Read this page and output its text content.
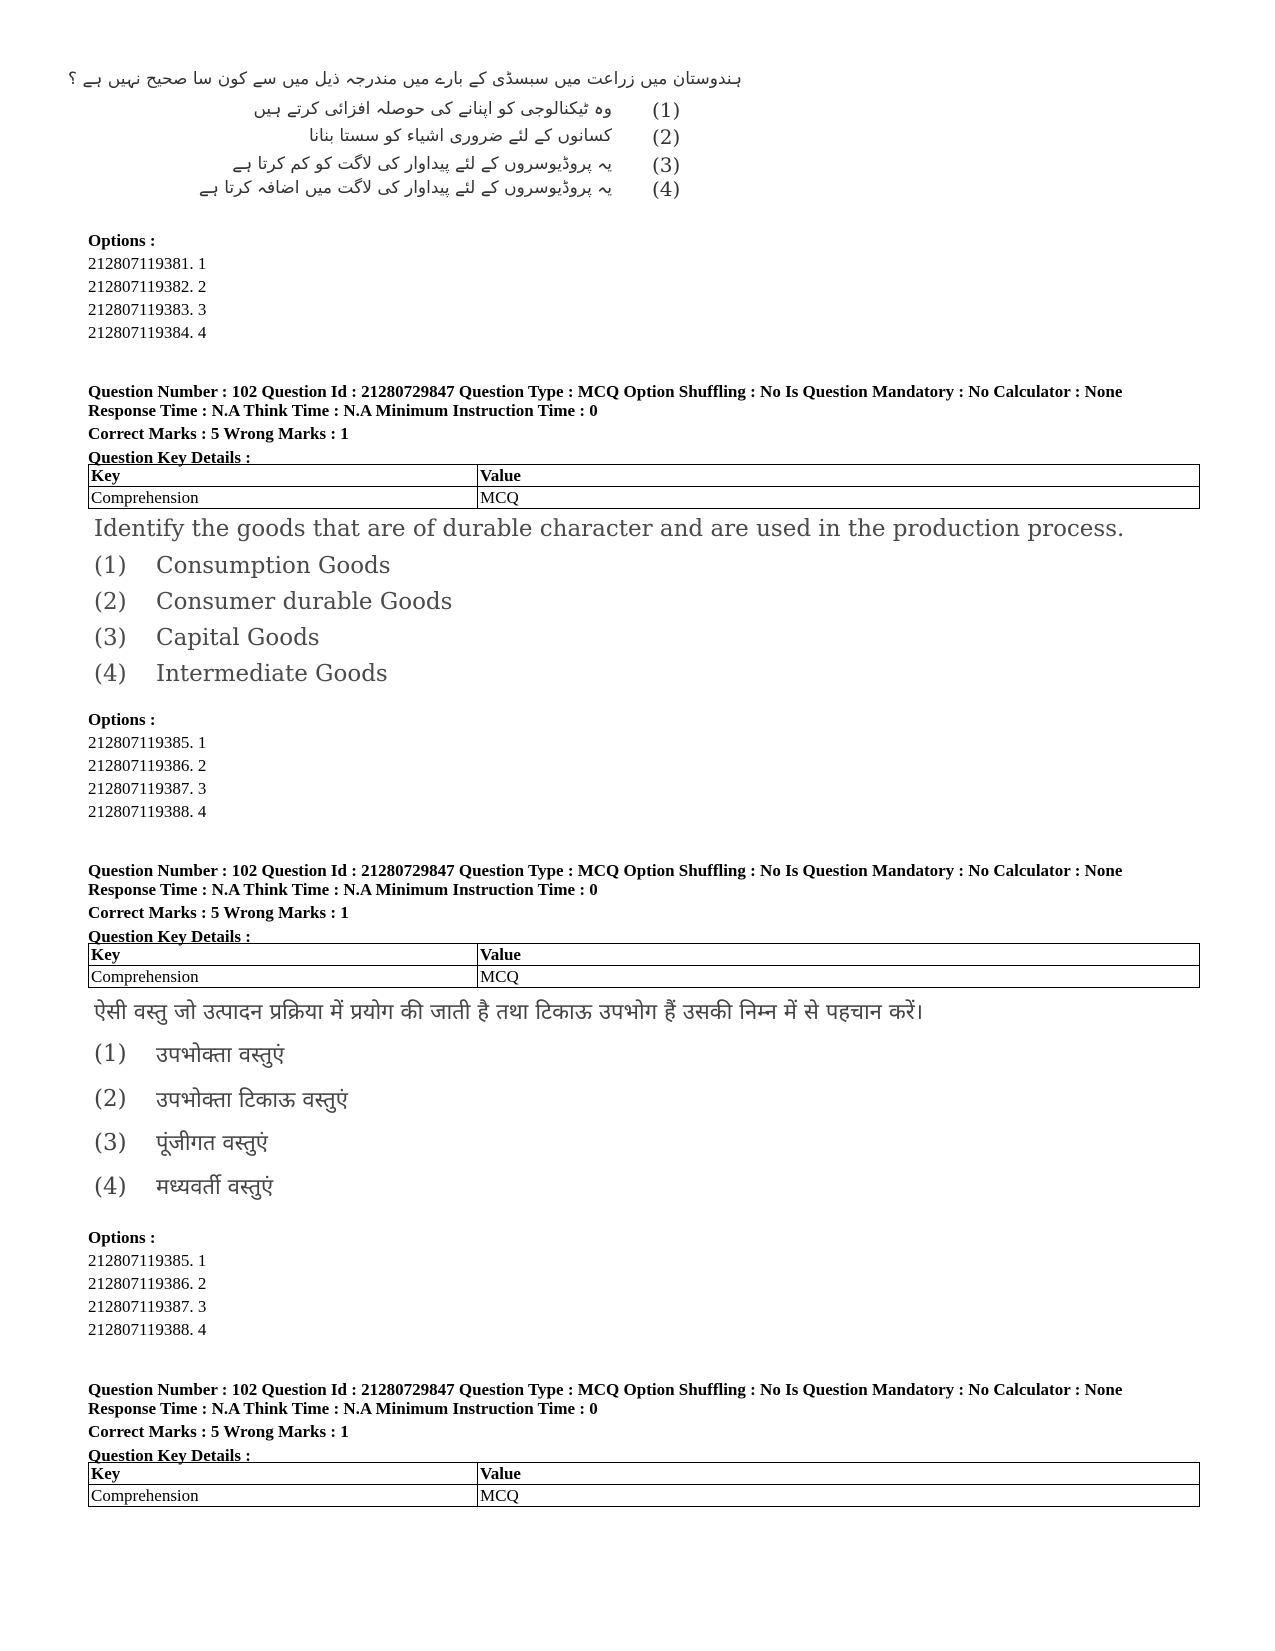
ہندوستان میں زراعت میں سبسڈی کے بارے میں مندرجہ ذیل میں سے کون سا صحیح نہیں ہے ؟
وہ ٹیکنالوجی کو اپنانے کی حوصلہ افزائی کرتے ہیں (1)
کسانوں کے لئے ضروری اشیاء کو سستا بنانا (2)
یہ پروڈیوسروں کے لئے پیداوار کی لاگت کو کم کرتا ہے (3)
یہ پروڈیوسروں کے لئے پیداوار کی لاگت میں اضافہ کرتا ہے (4)
Options :
212807119381. 1
212807119382. 2
212807119383. 3
212807119384. 4
Question Number : 102 Question Id : 21280729847 Question Type : MCQ Option Shuffling : No Is Question Mandatory : No Calculator : None
Response Time : N.A Think Time : N.A Minimum Instruction Time : 0
Correct Marks : 5 Wrong Marks : 1
Question Key Details :
Key	Value
Comprehension	MCQ
Identify the goods that are of durable character and are used in the production process.
(1) Consumption Goods
(2) Consumer durable Goods
(3) Capital Goods
(4) Intermediate Goods
Options :
212807119385. 1
212807119386. 2
212807119387. 3
212807119388. 4
Question Number : 102 Question Id : 21280729847 Question Type : MCQ Option Shuffling : No Is Question Mandatory : No Calculator : None
Response Time : N.A Think Time : N.A Minimum Instruction Time : 0
Correct Marks : 5 Wrong Marks : 1
Question Key Details :
Key	Value
Comprehension	MCQ
ऐसी वस्तु जो उत्पादन प्रक्रिया में प्रयोग की जाती है तथा टिकाऊ उपभोग हैं उसकी निम्न में से पहचान करें।
(1) उपभोक्ता वस्तुएं
(2) उपभोक्ता टिकाऊ वस्तुएं
(3) पूंजीगत वस्तुएं
(4) मध्यवर्ती वस्तुएं
Options :
212807119385. 1
212807119386. 2
212807119387. 3
212807119388. 4
Question Number : 102 Question Id : 21280729847 Question Type : MCQ Option Shuffling : No Is Question Mandatory : No Calculator : None
Response Time : N.A Think Time : N.A Minimum Instruction Time : 0
Correct Marks : 5 Wrong Marks : 1
Question Key Details :
Key	Value
Comprehension	MCQ
